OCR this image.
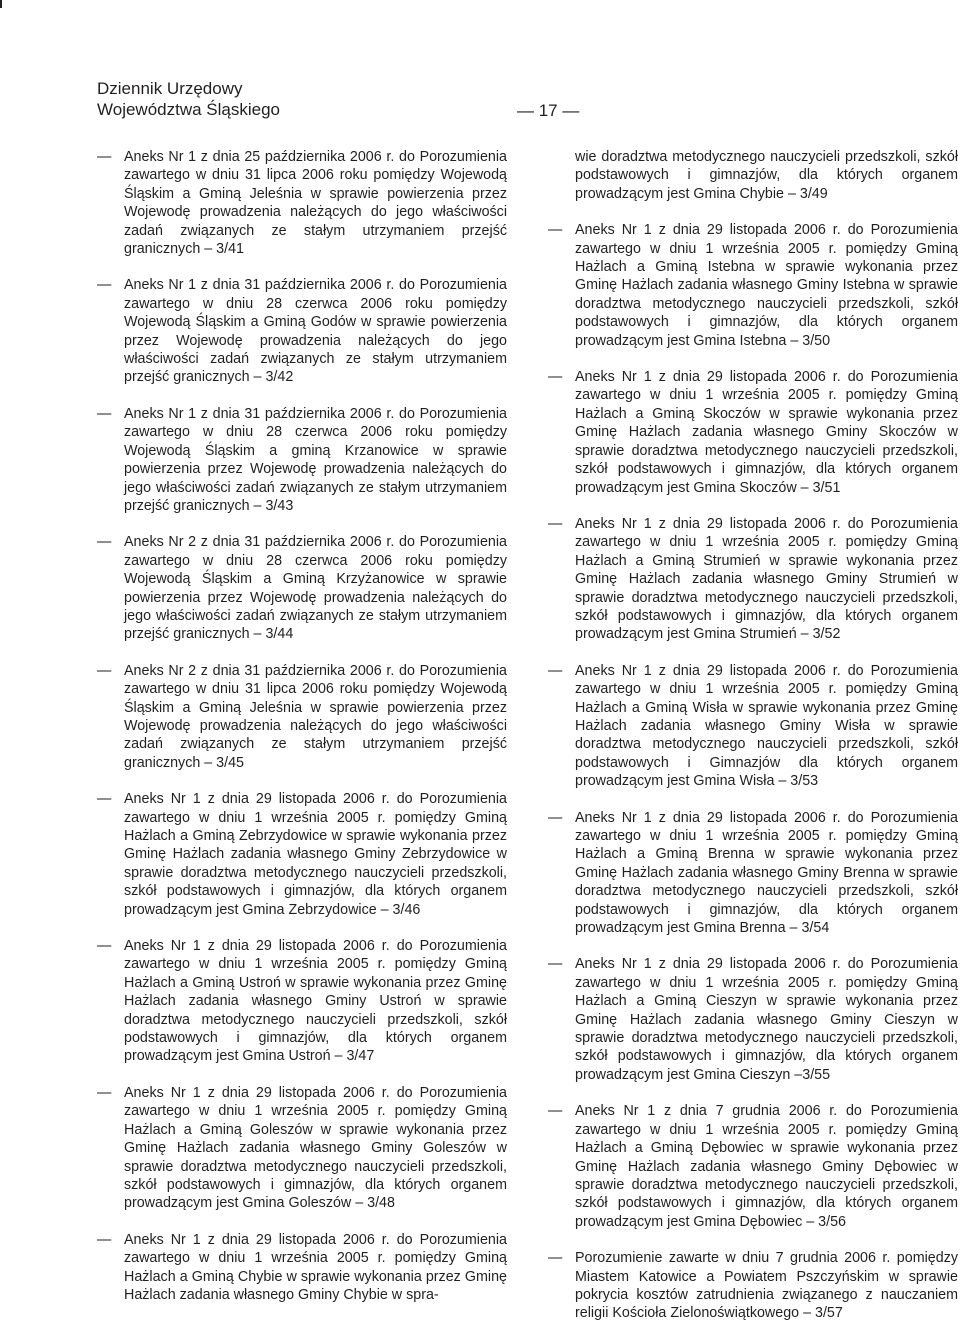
Dziennik Urzędowy
Województwa Śląskiego	— 17 —
— Aneks Nr 1 z dnia 25 października 2006 r. do Porozumienia zawartego w dniu 31 lipca 2006 roku pomiędzy Wojewodą Śląskim a Gminą Jeleśnia w sprawie powierzenia przez Wojewodę prowadzenia należących do jego właściwości zadań związanych ze stałym utrzymaniem przejść granicznych – 3/41
— Aneks Nr 1 z dnia 31 października 2006 r. do Porozumienia zawartego w dniu 28 czerwca 2006 roku pomiędzy Wojewodą Śląskim a Gminą Godów w sprawie powierzenia przez Wojewodę prowadzenia należących do jego właściwości zadań związanych ze stałym utrzymaniem przejść granicznych – 3/42
— Aneks Nr 1 z dnia 31 października 2006 r. do Porozumienia zawartego w dniu 28 czerwca 2006 roku pomiędzy Wojewodą Śląskim a gminą Krzanowice w sprawie powierzenia przez Wojewodę prowadzenia należących do jego właściwości zadań związanych ze stałym utrzymaniem przejść granicznych – 3/43
— Aneks Nr 2 z dnia 31 października 2006 r. do Porozumienia zawartego w dniu 28 czerwca 2006 roku pomiędzy Wojewodą Śląskim a Gminą Krzyżanowice w sprawie powierzenia przez Wojewodę prowadzenia należących do jego właściwości zadań związanych ze stałym utrzymaniem przejść granicznych – 3/44
— Aneks Nr 2 z dnia 31 października 2006 r. do Porozumienia zawartego w dniu 31 lipca 2006 roku pomiędzy Wojewodą Śląskim a Gminą Jeleśnia w sprawie powierzenia przez Wojewodę prowadzenia należących do jego właściwości zadań związanych ze stałym utrzymaniem przejść granicznych – 3/45
— Aneks Nr 1 z dnia 29 listopada 2006 r. do Porozumienia zawartego w dniu 1 września 2005 r. pomiędzy Gminą Hażlach a Gminą Zebrzydowice w sprawie wykonania przez Gminę Hażlach zadania własnego Gminy Zebrzydowice w sprawie doradztwa metodycznego nauczycieli przedszkoli, szkół podstawowych i gimnazjów, dla których organem prowadzącym jest Gmina Zebrzydowice – 3/46
— Aneks Nr 1 z dnia 29 listopada 2006 r. do Porozumienia zawartego w dniu 1 września 2005 r. pomiędzy Gminą Hażlach a Gminą Ustroń w sprawie wykonania przez Gminę Hażlach zadania własnego Gminy Ustroń w sprawie doradztwa metodycznego nauczycieli przedszkoli, szkół podstawowych i gimnazjów, dla których organem prowadzącym jest Gmina Ustroń – 3/47
— Aneks Nr 1 z dnia 29 listopada 2006 r. do Porozumienia zawartego w dniu 1 września 2005 r. pomiędzy Gminą Hażlach a Gminą Goleszów w sprawie wykonania przez Gminę Hażlach zadania własnego Gminy Goleszów w sprawie doradztwa metodycznego nauczycieli przedszkoli, szkół podstawowych i gimnazjów, dla których organem prowadzącym jest Gmina Goleszów – 3/48
— Aneks Nr 1 z dnia 29 listopada 2006 r. do Porozumienia zawartego w dniu 1 września 2005 r. pomiędzy Gminą Hażlach a Gminą Chybie w sprawie wykonania przez Gminę Hażlach zadania własnego Gminy Chybie w spra-
wie doradztwa metodycznego nauczycieli przedszkoli, szkół podstawowych i gimnazjów, dla których organem prowadzącym jest Gmina Chybie – 3/49
— Aneks Nr 1 z dnia 29 listopada 2006 r. do Porozumienia zawartego w dniu 1 września 2005 r. pomiędzy Gminą Hażlach a Gminą Istebna w sprawie wykonania przez Gminę Hażlach zadania własnego Gminy Istebna w sprawie doradztwa metodycznego nauczycieli przedszkoli, szkół podstawowych i gimnazjów, dla których organem prowadzącym jest Gmina Istebna – 3/50
— Aneks Nr 1 z dnia 29 listopada 2006 r. do Porozumienia zawartego w dniu 1 września 2005 r. pomiędzy Gminą Hażlach a Gminą Skoczów w sprawie wykonania przez Gminę Hażlach zadania własnego Gminy Skoczów w sprawie doradztwa metodycznego nauczycieli przedszkoli, szkół podstawowych i gimnazjów, dla których organem prowadzącym jest Gmina Skoczów – 3/51
— Aneks Nr 1 z dnia 29 listopada 2006 r. do Porozumienia zawartego w dniu 1 września 2005 r. pomiędzy Gminą Hażlach a Gminą Strumień w sprawie wykonania przez Gminę Hażlach zadania własnego Gminy Strumień w sprawie doradztwa metodycznego nauczycieli przedszkoli, szkół podstawowych i gimnazjów, dla których organem prowadzącym jest Gmina Strumień – 3/52
— Aneks Nr 1 z dnia 29 listopada 2006 r. do Porozumienia zawartego w dniu 1 września 2005 r. pomiędzy Gminą Hażlach a Gminą Wisła w sprawie wykonania przez Gminę Hażlach zadania własnego Gminy Wisła w sprawie doradztwa metodycznego nauczycieli przedszkoli, szkół podstawowych i Gimnazjów dla których organem prowadzącym jest Gmina Wisła – 3/53
— Aneks Nr 1 z dnia 29 listopada 2006 r. do Porozumienia zawartego w dniu 1 września 2005 r. pomiędzy Gminą Hażlach a Gminą Brenna w sprawie wykonania przez Gminę Hażlach zadania własnego Gminy Brenna w sprawie doradztwa metodycznego nauczycieli przedszkoli, szkół podstawowych i gimnazjów, dla których organem prowadzącym jest Gmina Brenna – 3/54
— Aneks Nr 1 z dnia 29 listopada 2006 r. do Porozumienia zawartego w dniu 1 września 2005 r. pomiędzy Gminą Hażlach a Gminą Cieszyn w sprawie wykonania przez Gminę Hażlach zadania własnego Gminy Cieszyn w sprawie doradztwa metodycznego nauczycieli przedszkoli, szkół podstawowych i gimnazjów, dla których organem prowadzącym jest Gmina Cieszyn –3/55
— Aneks Nr 1 z dnia 7 grudnia 2006 r. do Porozumienia zawartego w dniu 1 września 2005 r. pomiędzy Gminą Hażlach a Gminą Dębowiec w sprawie wykonania przez Gminę Hażlach zadania własnego Gminy Dębowiec w sprawie doradztwa metodycznego nauczycieli przedszkoli, szkół podstawowych i gimnazjów, dla których organem prowadzącym jest Gmina Dębowiec – 3/56
— Porozumienie zawarte w dniu 7 grudnia 2006 r. pomiędzy Miastem Katowice a Powiatem Pszczyńskim w sprawie pokrycia kosztów zatrudnienia związanego z nauczaniem religii Kościoła Zielonoświątkowego – 3/57
